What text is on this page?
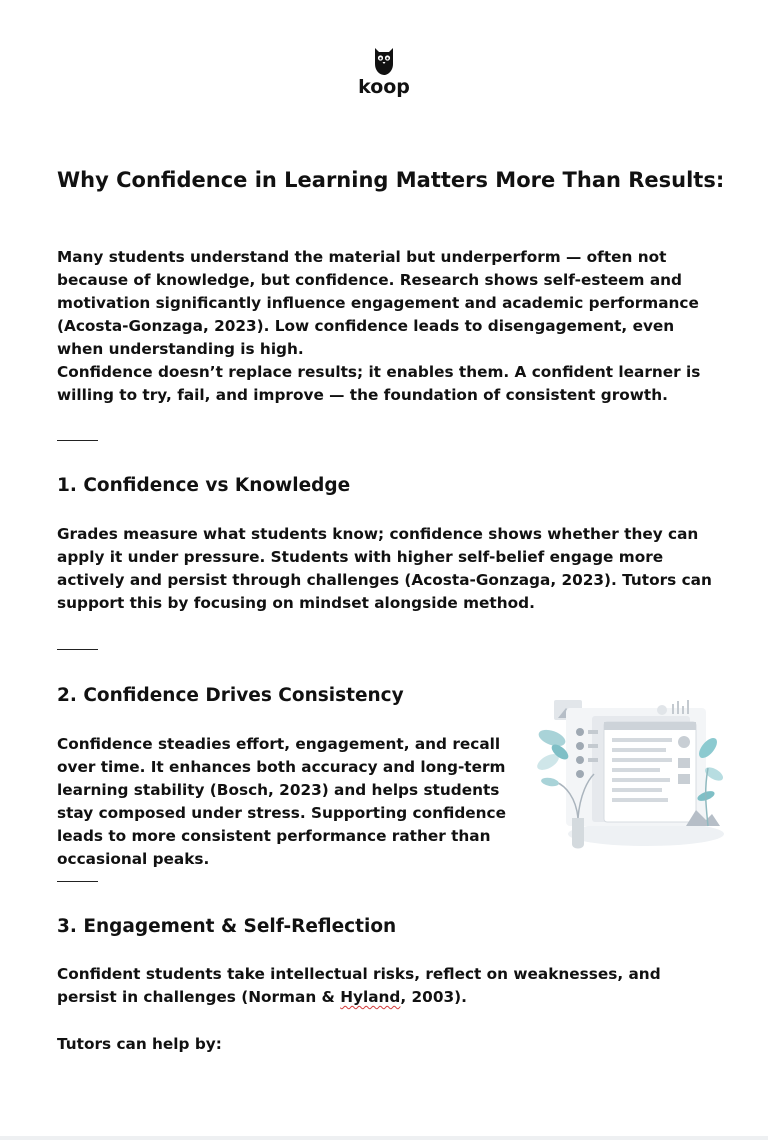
koop
Why Confidence in Learning Matters More Than Results:

Many students understand the material but underperform — often not because of knowledge, but confidence. Research shows self-esteem and motivation significantly influence engagement and academic performance (Acosta-Gonzaga, 2023). Low confidence leads to disengagement, even when understanding is high.

Confidence doesn’t replace results; it enables them. A confident learner is willing to try, fail, and improve — the foundation of consistent growth.

1. Confidence vs Knowledge

Grades measure what students know; confidence shows whether they can apply it under pressure. Students with higher self-belief engage more actively and persist through challenges (Acosta-Gonzaga, 2023). Tutors can support this by focusing on mindset alongside method.

2. Confidence Drives Consistency

Confidence steadies effort, engagement, and recall over time. It enhances both accuracy and long-term learning stability (Bosch, 2023) and helps students stay composed under stress. Supporting confidence leads to more consistent performance rather than occasional peaks.

3. Engagement & Self-Reflection

Confident students take intellectual risks, reflect on weaknesses, and persist in challenges (Norman & Hyland, 2003).

Tutors can help by:
